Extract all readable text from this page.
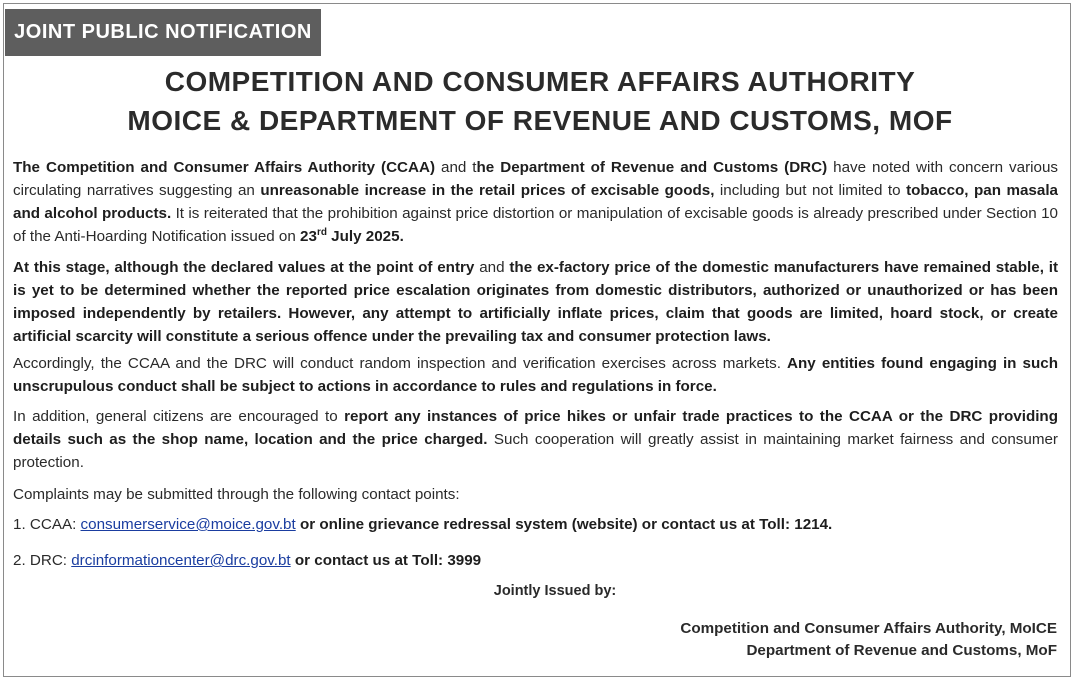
JOINT PUBLIC NOTIFICATION
COMPETITION AND CONSUMER AFFAIRS AUTHORITY
MOICE & DEPARTMENT OF REVENUE AND CUSTOMS, MOF
The Competition and Consumer Affairs Authority (CCAA) and the Department of Revenue and Customs (DRC) have noted with concern various circulating narratives suggesting an unreasonable increase in the retail prices of excisable goods, including but not limited to tobacco, pan masala and alcohol products. It is reiterated that the prohibition against price distortion or manipulation of excisable goods is already prescribed under Section 10 of the Anti-Hoarding Notification issued on 23rd July 2025.
At this stage, although the declared values at the point of entry and the ex-factory price of the domestic manufacturers have remained stable, it is yet to be determined whether the reported price escalation originates from domestic distributors, authorized or unauthorized or has been imposed independently by retailers. However, any attempt to artificially inflate prices, claim that goods are limited, hoard stock, or create artificial scarcity will constitute a serious offence under the prevailing tax and consumer protection laws.
Accordingly, the CCAA and the DRC will conduct random inspection and verification exercises across markets. Any entities found engaging in such unscrupulous conduct shall be subject to actions in accordance to rules and regulations in force.
In addition, general citizens are encouraged to report any instances of price hikes or unfair trade practices to the CCAA or the DRC providing details such as the shop name, location and the price charged. Such cooperation will greatly assist in maintaining market fairness and consumer protection.
Complaints may be submitted through the following contact points:
1. CCAA: consumerservice@moice.gov.bt or online grievance redressal system (website) or contact us at Toll: 1214.
2. DRC: drcinformationcenter@drc.gov.bt or contact us at Toll: 3999
Jointly Issued by:
Competition and Consumer Affairs Authority, MoICE
Department of Revenue and Customs, MoF
